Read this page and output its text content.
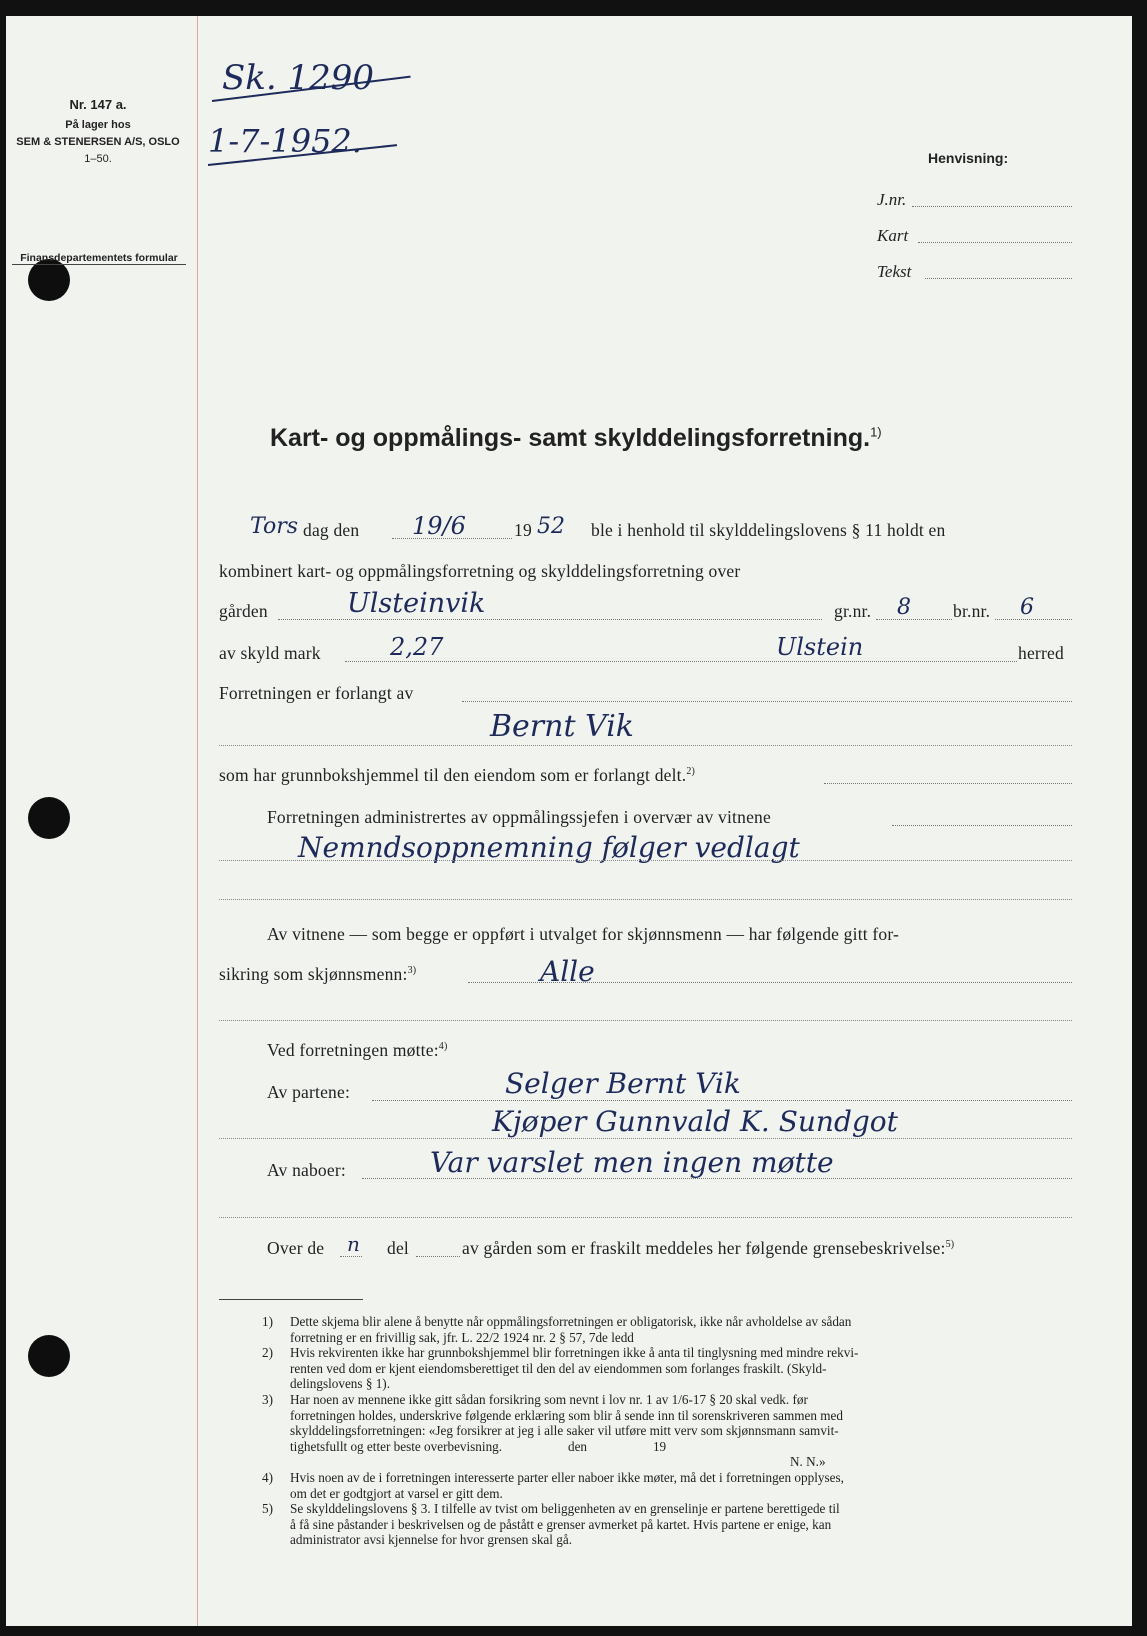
Nr. 147 a.
På lager hos
SEM & STENERSEN A/S, OSLO
1–50.
Finansdepartementets formular
Sk. 1290
1-7-1952.	Henvisning:
J.nr.
Kart
Tekst
Kart- og oppmålings- samt skylddelingsforretning.$^{1)}$
Tors dag den 19/6	19 52 ble i henhold til skylddelingslovens § 11 holdt en
kombinert kart- og oppmålingsforretning og skylddelingsforretning over
gården	Ulsteinvik	gr.nr. 8 br.nr. 6
av skyld mark	2,27	Ulstein	herred
Forretningen er forlangt av
Bernt Vik
som har grunnbokshjemmel til den eiendom som er forlangt delt.$^{2)}$
Forretningen administrertes av oppmålingssjefen i overvær av vitnene
Nemndsoppnemning følger vedlagt
Av vitnene — som begge er oppført i utvalget for skjønnsmenn — har følgende gitt for-
sikring som skjønnsmenn:$^{3)}$	Alle
Ved forretningen møtte:$^{4)}$
Av partene:	Selger Bernt Vik
Kjøper Gunnvald K. Sundgot
Av naboer:	Var varslet men ingen møtte
Over de n del	av gården som er fraskilt meddeles her følgende grensebeskrivelse:$^{5)}$
1) Dette skjema blir alene å benytte når oppmålingsforretningen er obligatorisk, ikke når avholdelse av sådan
forretning er en frivillig sak, jfr. L. 22/2 1924 nr. 2 § 57, 7de ledd
2) Hvis rekvirenten ikke har grunnbokshjemmel blir forretningen ikke å anta til tinglysning med mindre rekvi-
renten ved dom er kjent eiendomsberettiget til den del av eiendommen som forlanges fraskilt. (Skyld-
delingslovens § 1).
3) Har noen av mennene ikke gitt sådan forsikring som nevnt i lov nr. 1 av 1/6-17 § 20 skal vedk. før
forretningen holdes, underskrive følgende erklæring som blir å sende inn til sorenskriveren sammen med
skylddelingsforretningen: «Jeg forsikrer at jeg i alle saker vil utføre mitt verv som skjønnsmann samvit-
tighetsfullt og etter beste overbevisning.                    den                    19
N. N.»
4) Hvis noen av de i forretningen interesserte parter eller naboer ikke møter, må det i forretningen opplyses,
om det er godtgjort at varsel er gitt dem.
5) Se skylddelingslovens § 3. I tilfelle av tvist om beliggenheten av en grenselinje er partene berettigede til
å få sine påstander i beskrivelsen og de påstått e grenser avmerket på kartet. Hvis partene er enige, kan
administrator avsi kjennelse for hvor grensen skal gå.
